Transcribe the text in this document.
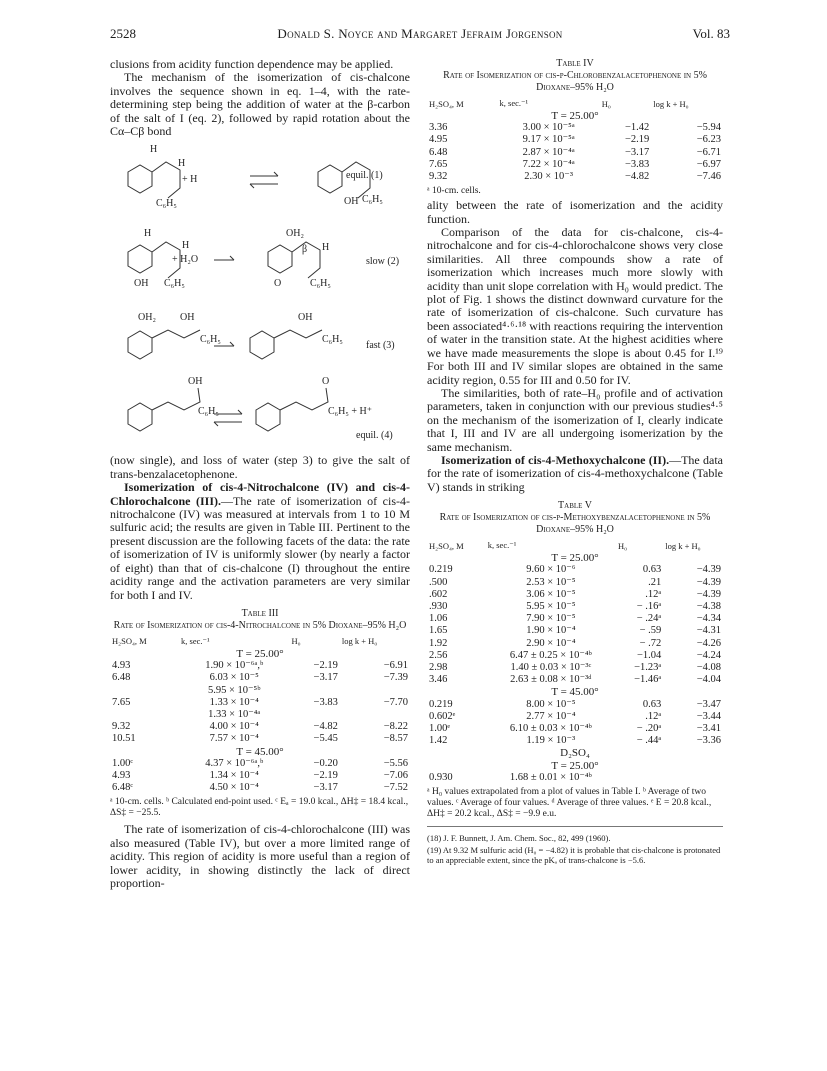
2528	Donald S. Noyce and Margaret Jefraim Jorgenson	Vol. 83

clusions from acidity function dependence may be applied.

The mechanism of the isomerization of cis-chalcone involves the sequence shown in eq. 1–4, with the rate-determining step being the addition of water at the β-carbon of the salt of I (eq. 2), followed by rapid rotation about the Cα–Cβ bond

H
H
+ H
C₆H₅	OH C₆H₅
equil. (1)
H
H
+ H₂O
OH C₆H₅
OH₂
β H
O	C₆H₅
slow (2)
OH₂ OH
C₆H₅
OH
C₆H₅
fast (3)
OH
C₆H₅
O
C₆H₅ + H⁺
equil. (4)

(now single), and loss of water (step 3) to give the salt of trans-benzalacetophenone.

Isomerization of cis-4-Nitrochalcone (IV) and cis-4-Chlorochalcone (III).—The rate of isomerization of cis-4-nitrochalcone (IV) was measured at intervals from 1 to 10 M sulfuric acid; the results are given in Table III. Pertinent to the present discussion are the following facets of the data: the rate of isomerization of IV is uniformly slower (by nearly a factor of eight) than that of cis-chalcone (I) throughout the entire acidity range and the activation parameters are very similar for both I and IV.

Table III
Rate of Isomerization of cis-4-Nitrochalcone in 5% Dioxane–95% H₂O
H₂SO₄, M	k, sec.⁻¹	H₀	log k + H₀
T = 25.00°			
4.93	1.90 × 10⁻⁶ᵃ,ᵇ	−2.19	−6.91
6.48	6.03 × 10⁻⁵	−3.17	−7.39
	5.95 × 10⁻⁵ᵇ		
7.65	1.33 × 10⁻⁴	−3.83	−7.70
	1.33 × 10⁻⁴ᵃ		
9.32	4.00 × 10⁻⁴	−4.82	−8.22
10.51	7.57 × 10⁻⁴	−5.45	−8.57
T = 45.00°			
1.00ᶜ	4.37 × 10⁻⁶ᵃ,ᵇ	−0.20	−5.56
4.93	1.34 × 10⁻⁴	−2.19	−7.06
6.48ᶜ	4.50 × 10⁻⁴	−3.17	−7.52
ᵃ 10-cm. cells. ᵇ Calculated end-point used. ᶜ Eₐ = 19.0 kcal., ΔH‡ = 18.4 kcal., ΔS‡ = −25.5.

The rate of isomerization of cis-4-chlorochalcone (III) was also measured (Table IV), but over a more limited range of acidity. This region of acidity is more useful than a region of lower acidity, in showing distinctly the lack of direct proportion-

Table IV
Rate of Isomerization of cis-p-Chlorobenzalacetophenone in 5% Dioxane–95% H₂O
H₂SO₄, M	k, sec.⁻¹	H₀	log k + H₀
T = 25.00°			
3.36	3.00 × 10⁻⁵ᵃ	−1.42	−5.94
4.95	9.17 × 10⁻⁵ᵃ	−2.19	−6.23
6.48	2.87 × 10⁻⁴ᵃ	−3.17	−6.71
7.65	7.22 × 10⁻⁴ᵃ	−3.83	−6.97
9.32	2.30 × 10⁻³	−4.82	−7.46
ᵃ 10-cm. cells.

ality between the rate of isomerization and the acidity function.

Comparison of the data for cis-chalcone, cis-4-nitrochalcone and for cis-4-chlorochalcone shows very close similarities. All three compounds show a rate of isomerization which increases much more slowly with acidity than unit slope correlation with H₀ would predict. The plot of Fig. 1 shows the distinct downward curvature for the rate of isomerization of cis-chalcone. Such curvature has been associated⁴·⁶·¹⁸ with reactions requiring the intervention of water in the transition state. At the highest acidities where we have made measurements the slope is about 0.45 for I.¹⁹ For both III and IV similar slopes are obtained in the same acidity region, 0.55 for III and 0.50 for IV.

The similarities, both of rate–H₀ profile and of activation parameters, taken in conjunction with our previous studies⁴·⁵ on the mechanism of the isomerization of I, clearly indicate that I, III and IV are all undergoing isomerization by the same mechanism.

Isomerization of cis-4-Methoxychalcone (II).—The data for the rate of isomerization of cis-4-methoxychalcone (Table V) stands in striking

Table V
Rate of Isomerization of cis-p-Methoxybenzalacetophenone in 5% Dioxane–95% H₂O
H₂SO₄, M	k, sec.⁻¹	H₀	log k + H₀
T = 25.00°			
0.219	9.60 × 10⁻⁶	0.63	−4.39
.500	2.53 × 10⁻⁵	.21	−4.39
.602	3.06 × 10⁻⁵	.12ᵃ	−4.39
.930	5.95 × 10⁻⁵	− .16ᵃ	−4.38
1.06	7.90 × 10⁻⁵	− .24ᵃ	−4.34
1.65	1.90 × 10⁻⁴	− .59	−4.31
1.92	2.90 × 10⁻⁴	− .72	−4.26
2.56	6.47 ± 0.25 × 10⁻⁴ᵇ	−1.04	−4.24
2.98	1.40 ± 0.03 × 10⁻³ᶜ	−1.23ᵃ	−4.08
3.46	2.63 ± 0.08 × 10⁻³ᵈ	−1.46ᵃ	−4.04
T = 45.00°			
0.219	8.00 × 10⁻⁵	0.63	−3.47
0.602ᵉ	2.77 × 10⁻⁴	.12ᵃ	−3.44
1.00ᵉ	6.10 ± 0.03 × 10⁻⁴ᵇ	− .20ᵃ	−3.41
1.42	1.19 × 10⁻³	− .44ᵃ	−3.36
D₂SO₄			
T = 25.00°			
0.930	1.68 ± 0.01 × 10⁻⁴ᵇ		
ᵃ H₀ values extrapolated from a plot of values in Table I. ᵇ Average of two values. ᶜ Average of four values. ᵈ Average of three values. ᵉ E = 20.8 kcal., ΔH‡ = 20.2 kcal., ΔS‡ = −9.9 e.u.
(18) J. F. Bunnett, J. Am. Chem. Soc., 82, 499 (1960).
(19) At 9.32 M sulfuric acid (H₀ = −4.82) it is probable that cis-chalcone is protonated to an appreciable extent, since the pKₐ of trans-chalcone is −5.6.
